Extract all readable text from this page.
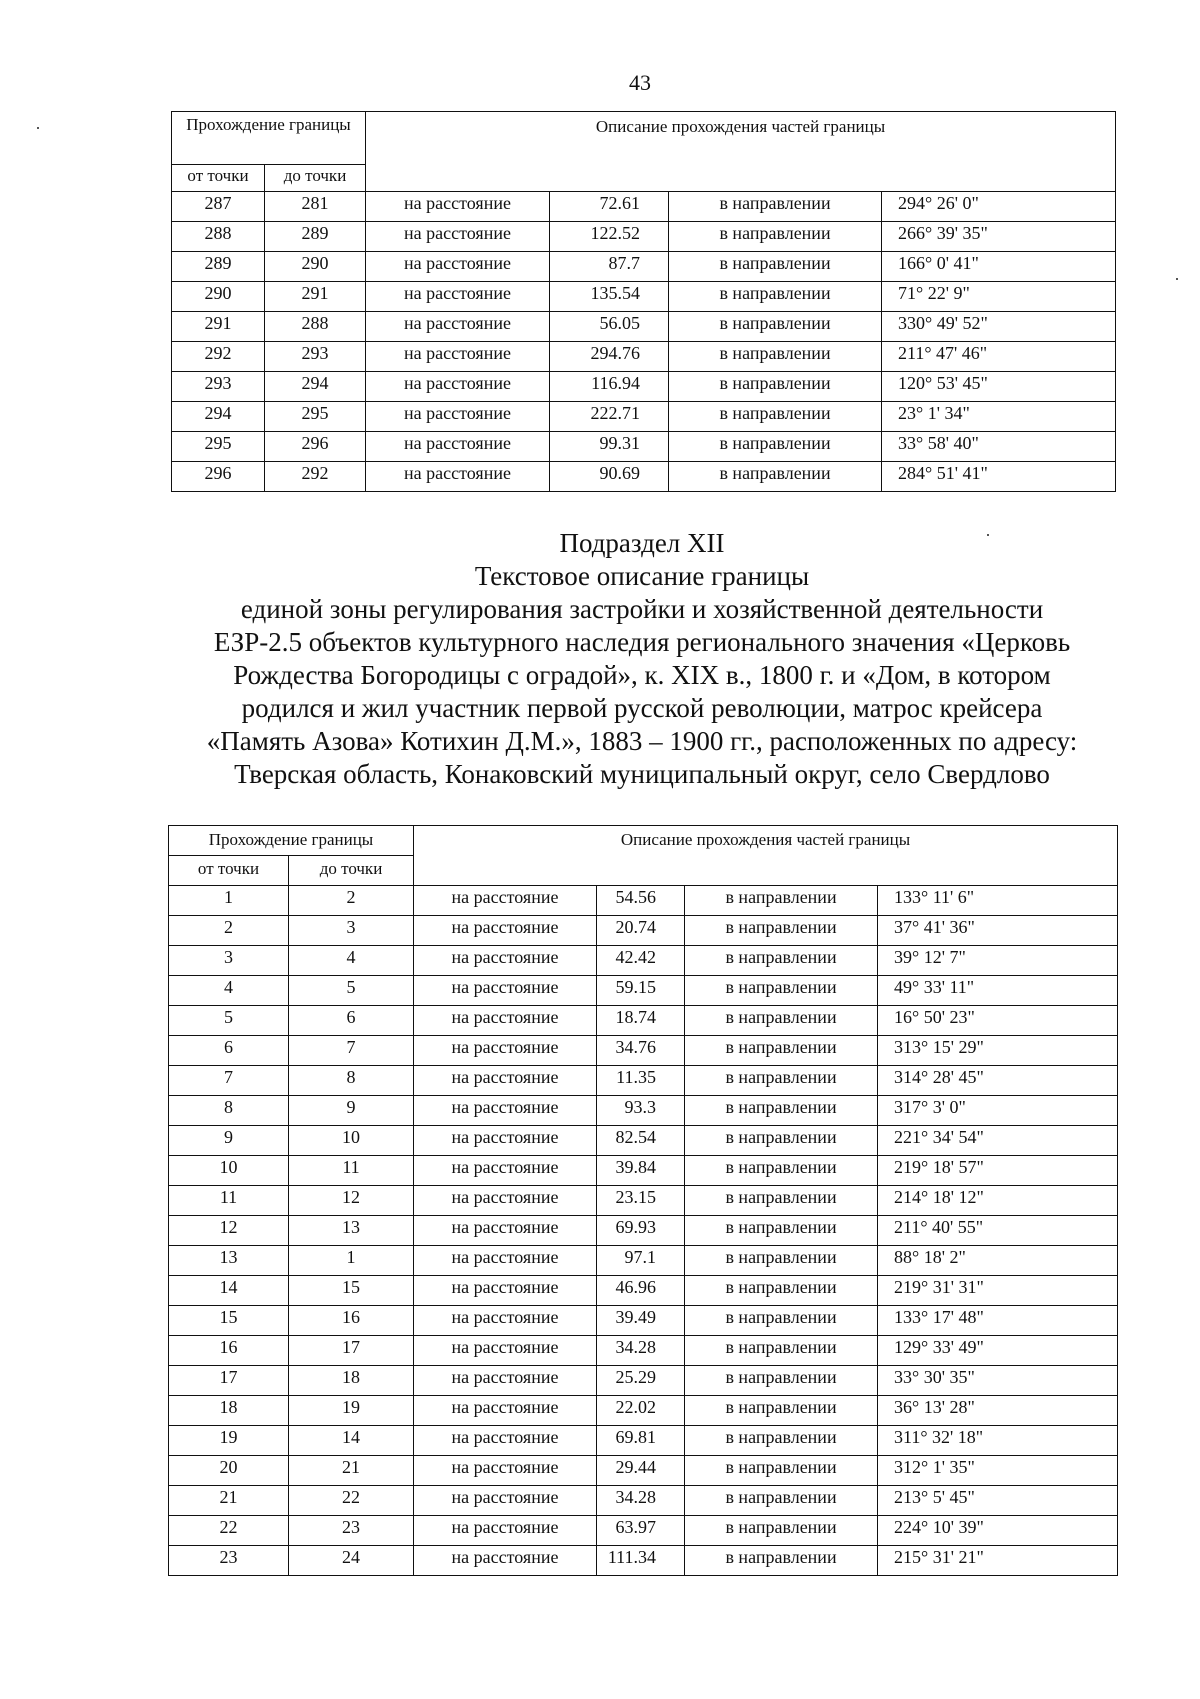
43
Прохождение границы		Описание прохождения частей границы			
от точки	до точки				
287	281	на расстояние	72.61	в направлении	294° 26' 0"
288	289	на расстояние	122.52	в направлении	266° 39' 35"
289	290	на расстояние	87.7	в направлении	166° 0' 41"
290	291	на расстояние	135.54	в направлении	71° 22' 9"
291	288	на расстояние	56.05	в направлении	330° 49' 52"
292	293	на расстояние	294.76	в направлении	211° 47' 46"
293	294	на расстояние	116.94	в направлении	120° 53' 45"
294	295	на расстояние	222.71	в направлении	23° 1' 34"
295	296	на расстояние	99.31	в направлении	33° 58' 40"
296	292	на расстояние	90.69	в направлении	284° 51' 41"
Подраздел XII
Текстовое описание границы
единой зоны регулирования застройки и хозяйственной деятельности
ЕЗР-2.5 объектов культурного наследия регионального значения «Церковь
Рождества Богородицы с оградой», к. XIX в., 1800 г. и «Дом, в котором
родился и жил участник первой русской революции, матрос крейсера
«Память Азова» Котихин Д.М.», 1883 – 1900 гг., расположенных по адресу:
Тверская область, Конаковский муниципальный округ, село Свердлово
Прохождение границы		Описание прохождения частей границы			
от точки	до точки				
1	2	на расстояние	54.56	в направлении	133° 11' 6"
2	3	на расстояние	20.74	в направлении	37° 41' 36"
3	4	на расстояние	42.42	в направлении	39° 12' 7"
4	5	на расстояние	59.15	в направлении	49° 33' 11"
5	6	на расстояние	18.74	в направлении	16° 50' 23"
6	7	на расстояние	34.76	в направлении	313° 15' 29"
7	8	на расстояние	11.35	в направлении	314° 28' 45"
8	9	на расстояние	93.3	в направлении	317° 3' 0"
9	10	на расстояние	82.54	в направлении	221° 34' 54"
10	11	на расстояние	39.84	в направлении	219° 18' 57"
11	12	на расстояние	23.15	в направлении	214° 18' 12"
12	13	на расстояние	69.93	в направлении	211° 40' 55"
13	1	на расстояние	97.1	в направлении	88° 18' 2"
14	15	на расстояние	46.96	в направлении	219° 31' 31"
15	16	на расстояние	39.49	в направлении	133° 17' 48"
16	17	на расстояние	34.28	в направлении	129° 33' 49"
17	18	на расстояние	25.29	в направлении	33° 30' 35"
18	19	на расстояние	22.02	в направлении	36° 13' 28"
19	14	на расстояние	69.81	в направлении	311° 32' 18"
20	21	на расстояние	29.44	в направлении	312° 1' 35"
21	22	на расстояние	34.28	в направлении	213° 5' 45"
22	23	на расстояние	63.97	в направлении	224° 10' 39"
23	24	на расстояние	111.34	в направлении	215° 31' 21"
